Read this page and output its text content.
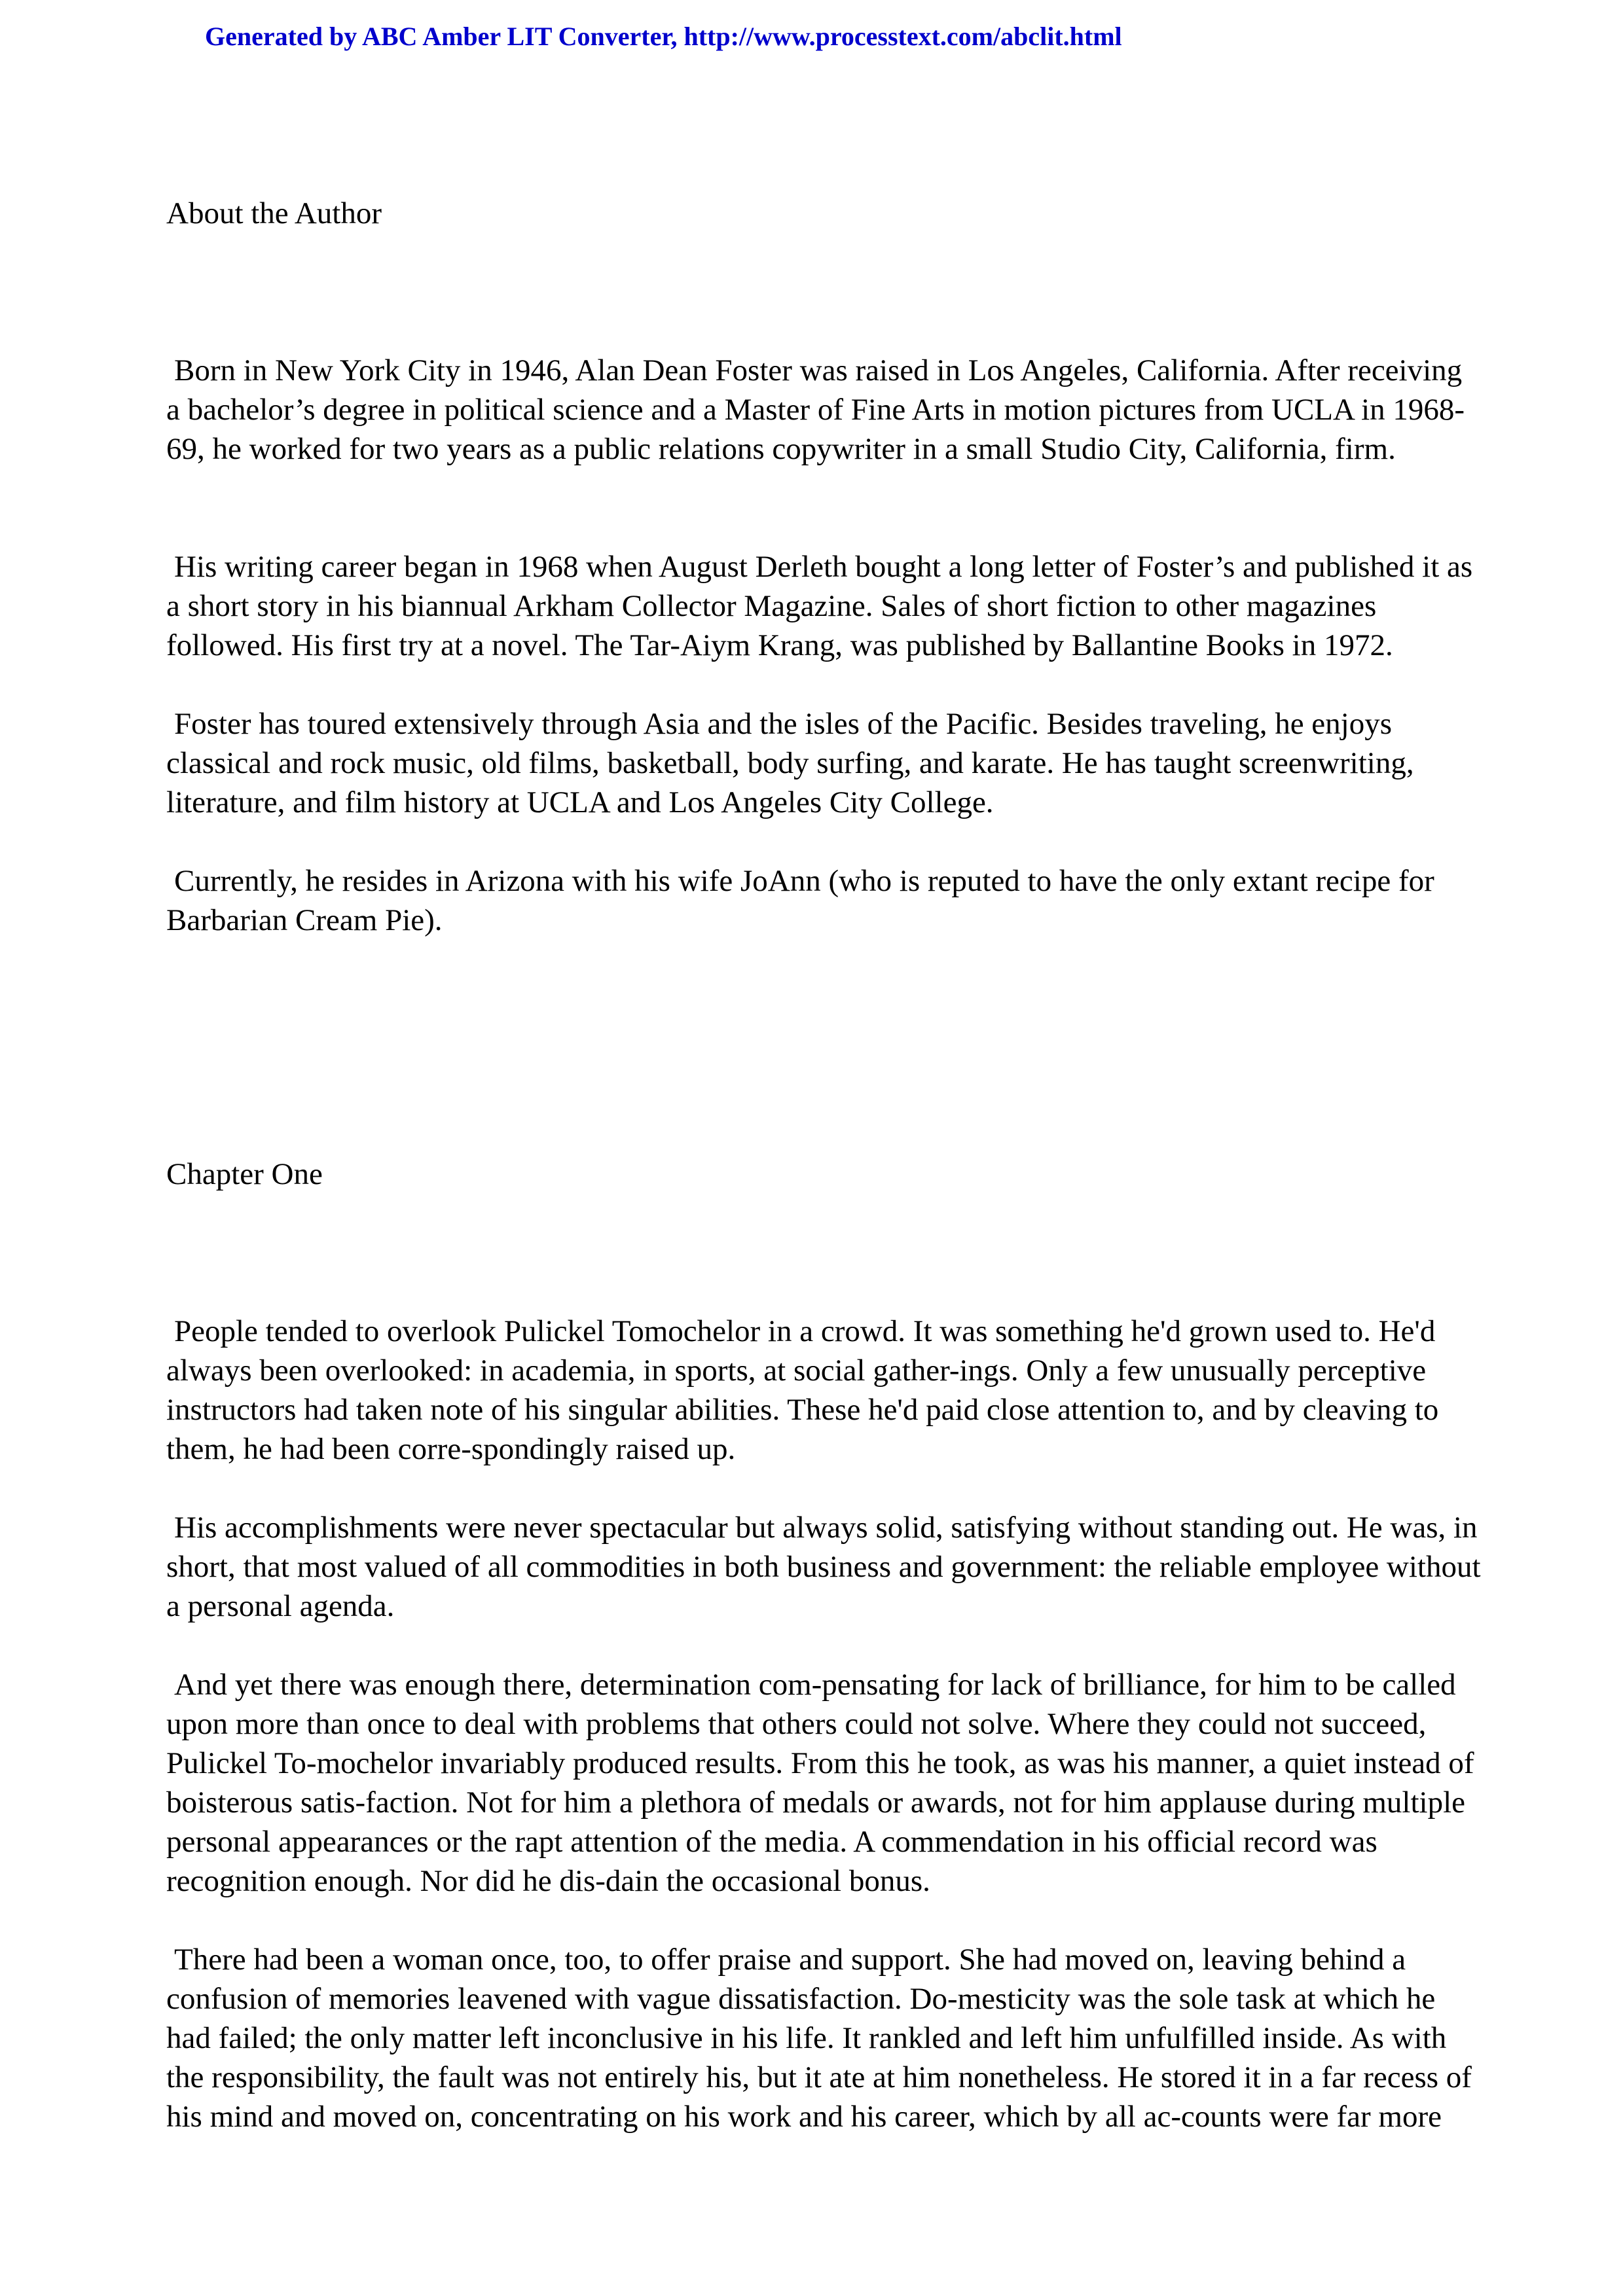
Generated by ABC Amber LIT Converter, http://www.processtext.com/abclit.html
About the Author

Born in New York City in 1946, Alan Dean Foster was raised in Los Angeles, California. After receiving a bachelor’s degree in political science and a Master of Fine Arts in motion pictures from UCLA in 1968-69, he worked for two years as a public relations copywriter in a small Studio City, California, firm.

His writing career began in 1968 when August Derleth bought a long letter of Foster’s and published it as a short story in his biannual Arkham Collector Magazine. Sales of short fiction to other magazines followed. His first try at a novel. The Tar-Aiym Krang, was published by Ballantine Books in 1972.

Foster has toured extensively through Asia and the isles of the Pacific. Besides traveling, he enjoys classical and rock music, old films, basketball, body surfing, and karate. He has taught screenwriting, literature, and film history at UCLA and Los Angeles City College.

Currently, he resides in Arizona with his wife JoAnn (who is reputed to have the only extant recipe for Barbarian Cream Pie).

Chapter One

People tended to overlook Pulickel Tomochelor in a crowd. It was something he'd grown used to. He'd always been overlooked: in academia, in sports, at social gather-ings. Only a few unusually perceptive instructors had taken note of his singular abilities. These he'd paid close attention to, and by cleaving to them, he had been corre-spondingly raised up.

His accomplishments were never spectacular but always solid, satisfying without standing out. He was, in short, that most valued of all commodities in both business and government: the reliable employee without a personal agenda.

And yet there was enough there, determination com-pensating for lack of brilliance, for him to be called upon more than once to deal with problems that others could not solve. Where they could not succeed, Pulickel To-mochelor invariably produced results. From this he took, as was his manner, a quiet instead of boisterous satis-faction. Not for him a plethora of medals or awards, not for him applause during multiple personal appearances or the rapt attention of the media. A commendation in his official record was recognition enough. Nor did he dis-dain the occasional bonus.

There had been a woman once, too, to offer praise and support. She had moved on, leaving behind a confusion of memories leavened with vague dissatisfaction. Do-mesticity was the sole task at which he had failed; the only matter left inconclusive in his life. It rankled and left him unfulfilled inside. As with the responsibility, the fault was not entirely his, but it ate at him nonetheless. He stored it in a far recess of his mind and moved on, concentrating on his work and his career, which by all ac-counts were far more
